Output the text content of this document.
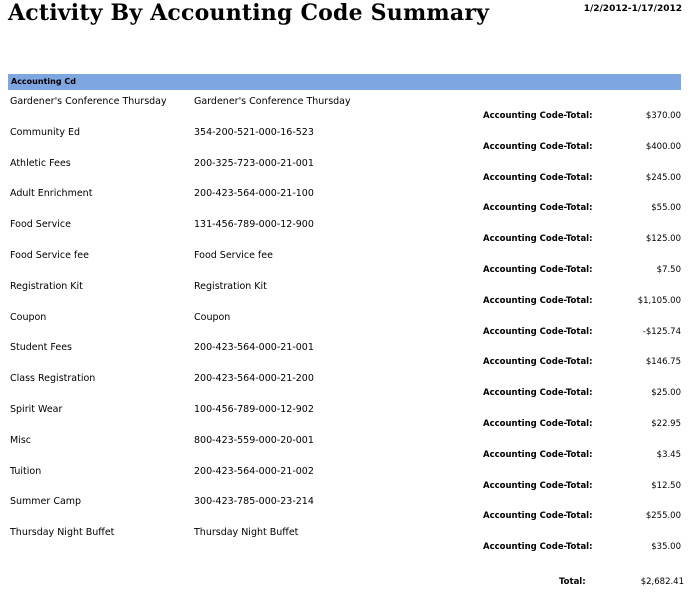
Activity By Accounting Code Summary	1/2/2012-1/17/2012
Accounting Cd
Gardener's Conference Thursday	Gardener's Conference Thursday
Accounting Code-Total:	$370.00
Community Ed	354-200-521-000-16-523
Accounting Code-Total:	$400.00
Athletic Fees	200-325-723-000-21-001
Accounting Code-Total:	$245.00
Adult Enrichment	200-423-564-000-21-100
Accounting Code-Total:	$55.00
Food Service	131-456-789-000-12-900
Accounting Code-Total:	$125.00
Food Service fee	Food Service fee
Accounting Code-Total:	$7.50
Registration Kit	Registration Kit
Accounting Code-Total:	$1,105.00
Coupon	Coupon
Accounting Code-Total:	-$125.74
Student Fees	200-423-564-000-21-001
Accounting Code-Total:	$146.75
Class Registration	200-423-564-000-21-200
Accounting Code-Total:	$25.00
Spirit Wear	100-456-789-000-12-902
Accounting Code-Total:	$22.95
Misc	800-423-559-000-20-001
Accounting Code-Total:	$3.45
Tuition	200-423-564-000-21-002
Accounting Code-Total:	$12.50
Summer Camp	300-423-785-000-23-214
Accounting Code-Total:	$255.00
Thursday Night Buffet	Thursday Night Buffet
Accounting Code-Total:	$35.00
Total:	$2,682.41
